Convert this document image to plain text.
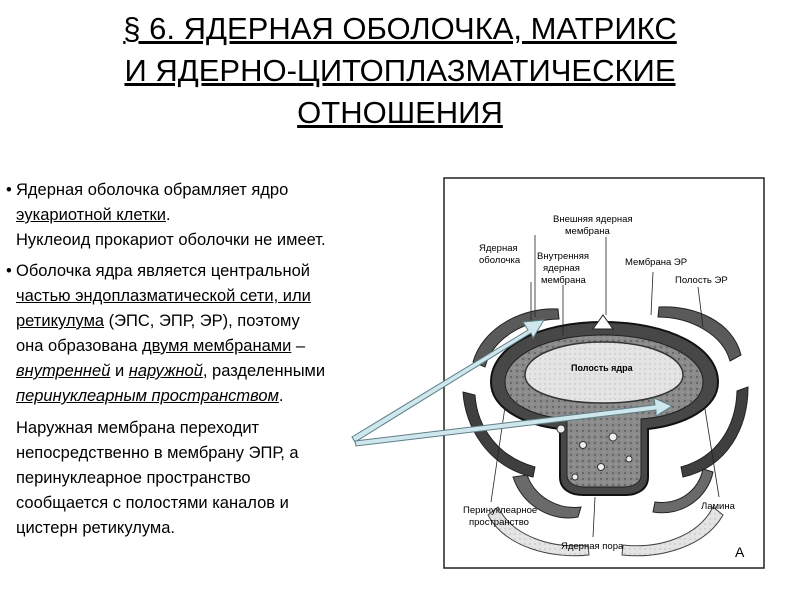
§ 6. ЯДЕРНАЯ ОБОЛОЧКА, МАТРИКС
И ЯДЕРНО-ЦИТОПЛАЗМАТИЧЕСКИЕ
ОТНОШЕНИЯ

• Ядерная оболочка обрамляет ядро
эукариотной клетки.
Нуклеоид прокариот оболочки не имеет.

• Оболочка ядра является центральной
частью эндоплазматической сети, или
ретикулума (ЭПС, ЭПР, ЭР), поэтому
она образована двумя мембранами –
внутренней и наружной, разделенными
перинуклеарным пространством.

Наружная мембрана переходит
непосредственно в мембрану ЭПР, а
перинуклеарное пространство
сообщается с полостями каналов и
цистерн ретикулума.

Внешняя ядерная
мембрана
Ядерная
оболочка Внутренняя
ядерная
мембрана
Мембрана ЭР
Полость ЭР
Полость ядра
Перинуклеарное
пространство
Ламина
Ядерная пора	А
